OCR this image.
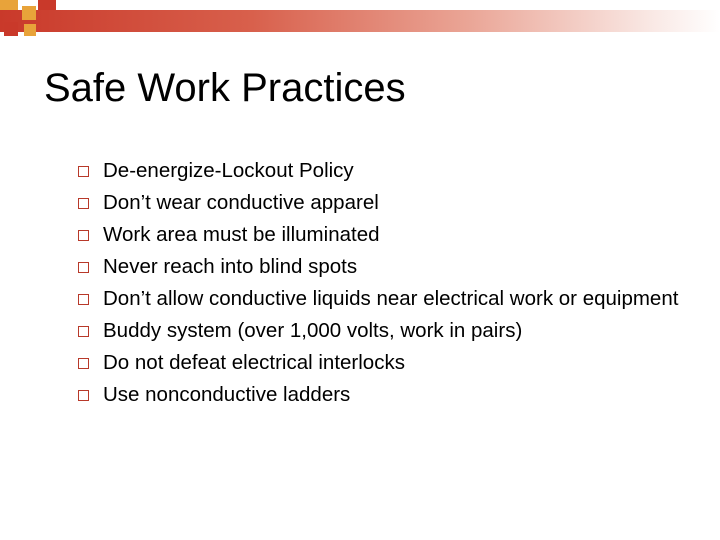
Safe Work Practices
De-energize-Lockout Policy
Don’t wear conductive apparel
Work area must be illuminated
Never reach into blind spots
Don’t allow conductive liquids near electrical work or equipment
Buddy system (over 1,000 volts, work in pairs)
Do not defeat electrical interlocks
Use nonconductive ladders
